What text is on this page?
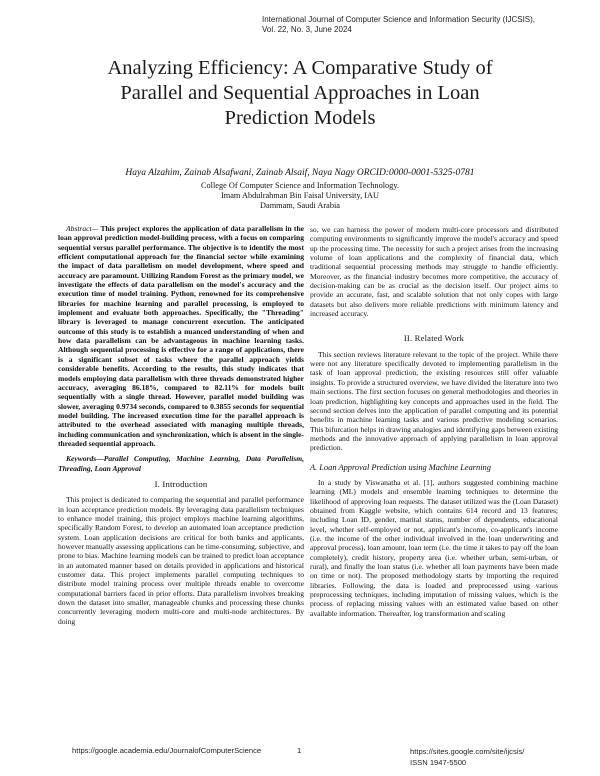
International Journal of Computer Science and Information Security (IJCSIS),
Vol. 22, No. 3, June 2024
Analyzing Efficiency: A Comparative Study of
Parallel and Sequential Approaches in Loan
Prediction Models
Haya Alzahim, Zainab Alsafwani, Zainab Alsaif, Naya Nagy ORCID:0000-0001-5325-0781
College Of Computer Science and Information Technology.
Imam Abdulrahman Bin Faisal University, IAU
Dammam, Saudi Arabia

Abstract— This project explores the application of data parallelism in the loan approval prediction model-building process, with a focus on comparing sequential versus parallel performance. The objective is to identify the most efficient computational approach for the financial sector while examining the impact of data parallelism on model development, where speed and accuracy are paramount. Utilizing Random Forest as the primary model, we investigate the effects of data parallelism on the model's accuracy and the execution time of model training. Python, renowned for its comprehensive libraries for machine learning and parallel processing, is employed to implement and evaluate both approaches. Specifically, the "Threading" library is leveraged to manage concurrent execution. The anticipated outcome of this study is to establish a nuanced understanding of when and how data parallelism can be advantageous in machine learning tasks. Although sequential processing is effective for a range of applications, there is a significant subset of tasks where the parallel approach yields considerable benefits. According to the results, this study indicates that models employing data parallelism with three threads demonstrated higher accuracy, averaging 86.18%, compared to 82.11% for models built sequentially with a single thread. However, parallel model building was slower, averaging 0.9734 seconds, compared to 0.3855 seconds for sequential model building. The increased execution time for the parallel approach is attributed to the overhead associated with managing multiple threads, including communication and synchronization, which is absent in the single-threaded sequential approach.

Keywords—Parallel Computing, Machine Learning, Data Parallelism, Threading, Loan Approval

I. Introduction

This project is dedicated to comparing the sequential and parallel performance in loan acceptance prediction models. By leveraging data parallelism techniques to enhance model training, this project employs machine learning algorithms, specifically Random Forest, to develop an automated loan acceptance prediction system. Loan application decisions are critical for both banks and applicants, however manually assessing applications can be time-consuming, subjective, and prone to bias. Machine learning models can be trained to predict loan acceptance in an automated manner based on details provided in applications and historical customer data. This project implements parallel computing techniques to distribute model training process over multiple threads enable to overcome computational barriers faced in prior efforts. Data parallelism involves breaking down the dataset into smaller, manageable chunks and processing these chunks concurrently leveraging modern multi-core and multi-node architectures. By doing

so, we can harness the power of modern multi-core processors and distributed computing environments to significantly improve the model's accuracy and speed up the processing time. The necessity for such a project arises from the increasing volume of loan applications and the complexity of financial data, which traditional sequential processing methods may struggle to handle efficiently. Moreover, as the financial industry becomes more competitive, the accuracy of decision-making can be as crucial as the decision itself. Our project aims to provide an accurate, fast, and scalable solution that not only copes with large datasets but also delivers more reliable predictions with minimum latency and increased accuracy.

II. Related Work

This section reviews literature relevant to the topic of the project. While there were not any literature specifically devoted to implementing parallelism in the task of loan approval prediction, the existing resources still offer valuable insights. To provide a structured overview, we have divided the literature into two main sections. The first section focuses on general methodologies and theories in loan prediction, highlighting key concepts and approaches used in the field. The second section delves into the application of parallel computing and its potential benefits in machine learning tasks and various predictive modeling scenarios. This bifurcation helps in drawing analogies and identifying gaps between existing methods and the innovative approach of applying parallelism in loan approval prediction.

A. Loan Approval Prediction using Machine Learning

In a study by Viswanatha et al. [1], authors suggested combining machine learning (ML) models and ensemble learning techniques to determine the likelihood of approving loan requests. The dataset utilized was the (Loan Dataset) obtained from Kaggle website, which contains 614 record and 13 features; including Loan ID, gender, marital status, number of dependents, educational level, whether self-employed or not, applicant's income, co-applicant's income (i.e. the income of the other individual involved in the loan underwriting and approval process), loan amount, loan term (i.e. the time it takes to pay off the loan completely), credit history, property area (i.e. whether urban, semi-urban, or rural), and finally the loan status (i.e. whether all loan payments have been made on time or not). The proposed methodology starts by importing the required libraries. Following, the data is loaded and preprocessed using various preprocessing techniques, including imputation of missing values, which is the process of replacing missing values with an estimated value based on other available information. Thereafter, log transformation and scaling

https://google.academia.edu/JournalofComputerScience	1	https://sites.google.com/site/ijcsis/
ISSN 1947-5500
